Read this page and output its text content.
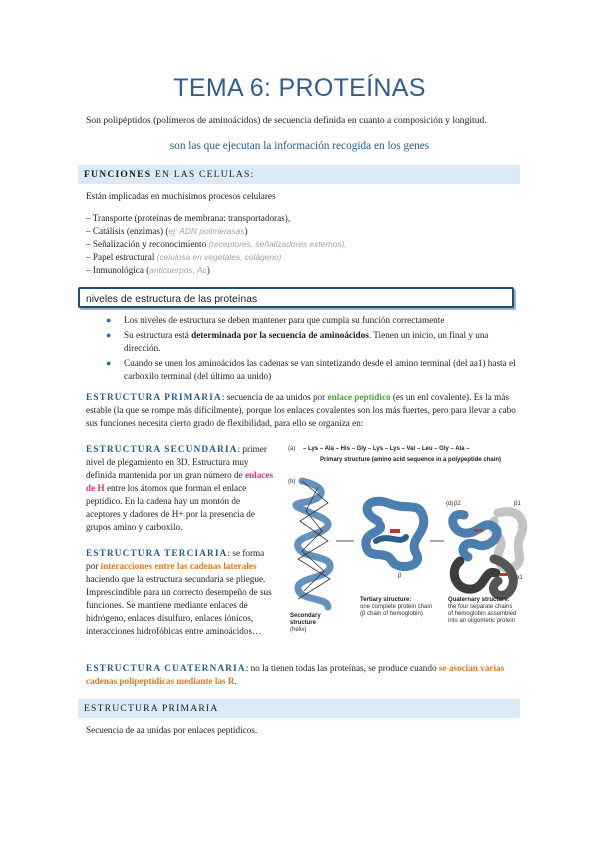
TEMA 6: PROTEÍNAS
Son polipéptidos (polímeros de aminoácidos) de secuencia definida en cuanto a composición y longitud.
son las que ejecutan la información recogida en los genes
FUNCIONES EN LAS CELULAS:
Están implicadas en muchísimos procesos celulares
– Transporte (proteínas de membrana: transportadoras),
– Catálisis (enzimas) (ej: ADN polimerasas)
– Señalización y reconocimiento (receptores, señalizadores externos),
– Papel estructural (celulosa en vegetales, colágeno)
– Inmunológica (anticuerpos, Ac)
niveles de estructura de las proteínas
● Los niveles de estructura se deben mantener para que cumpla su función correctamente
● Su estructura está determinada por la secuencia de aminoácidos. Tienen un inicio, un final y una dirección.
● Cuando se unen los aminoácidos las cadenas se van sintetizando desde el amino terminal (del aa1) hasta el carboxilo terminal (del último aa unido)
ESTRUCTURA PRIMARIA: secuencia de aa unidos por enlace peptídico (es un enl covalente). Es la más estable (la que se rompe más difícilmente), porque los enlaces covalentes son los más fuertes, pero para llevar a cabo sus funciones necesita cierto grado de flexibilidad, para ello se organiza en:
ESTRUCTURA SECUNDARIA: primer nivel de plegamiento en 3D. Estructura muy definida mantenida por un gran número de enlaces de H entre los átomos que forman el enlace peptídico. En la cadena hay un montón de aceptores y dadores de H+ por la presencia de grupos amino y carboxilo.
ESTRUCTURA TERCIARIA: se forma por interacciones entre las cadenas laterales haciendo que la estructura secundaria se pliegue. Imprescindible para un correcto desempeño de sus funciones. Se mantiene mediante enlaces de hidrógeno, enlaces disulfuro, enlaces iónicos, interacciones hidrofóbicas entre aminoácidos…
(a) – Lys – Ala – His – Gly – Lys – Lys – Val – Leu – Gly – Ala –
Primary structure (amino acid sequence in a polypeptide chain)
(b)
Secondary
structure
(helix)
(c)
β
Tertiary structure:
one complete protein chain
(β chain of hemoglobin)
(d) β2	β1
α2	α1
Quaternary structure:
the four separate chains
of hemoglobin assembled
into an oligomeric protein
ESTRUCTURA CUATERNARIA: no la tienen todas las proteínas, se produce cuando se asocian varias cadenas polipeptídicas mediante las R.
ESTRUCTURA PRIMARIA
Secuencia de aa unidas por enlaces peptídicos.
